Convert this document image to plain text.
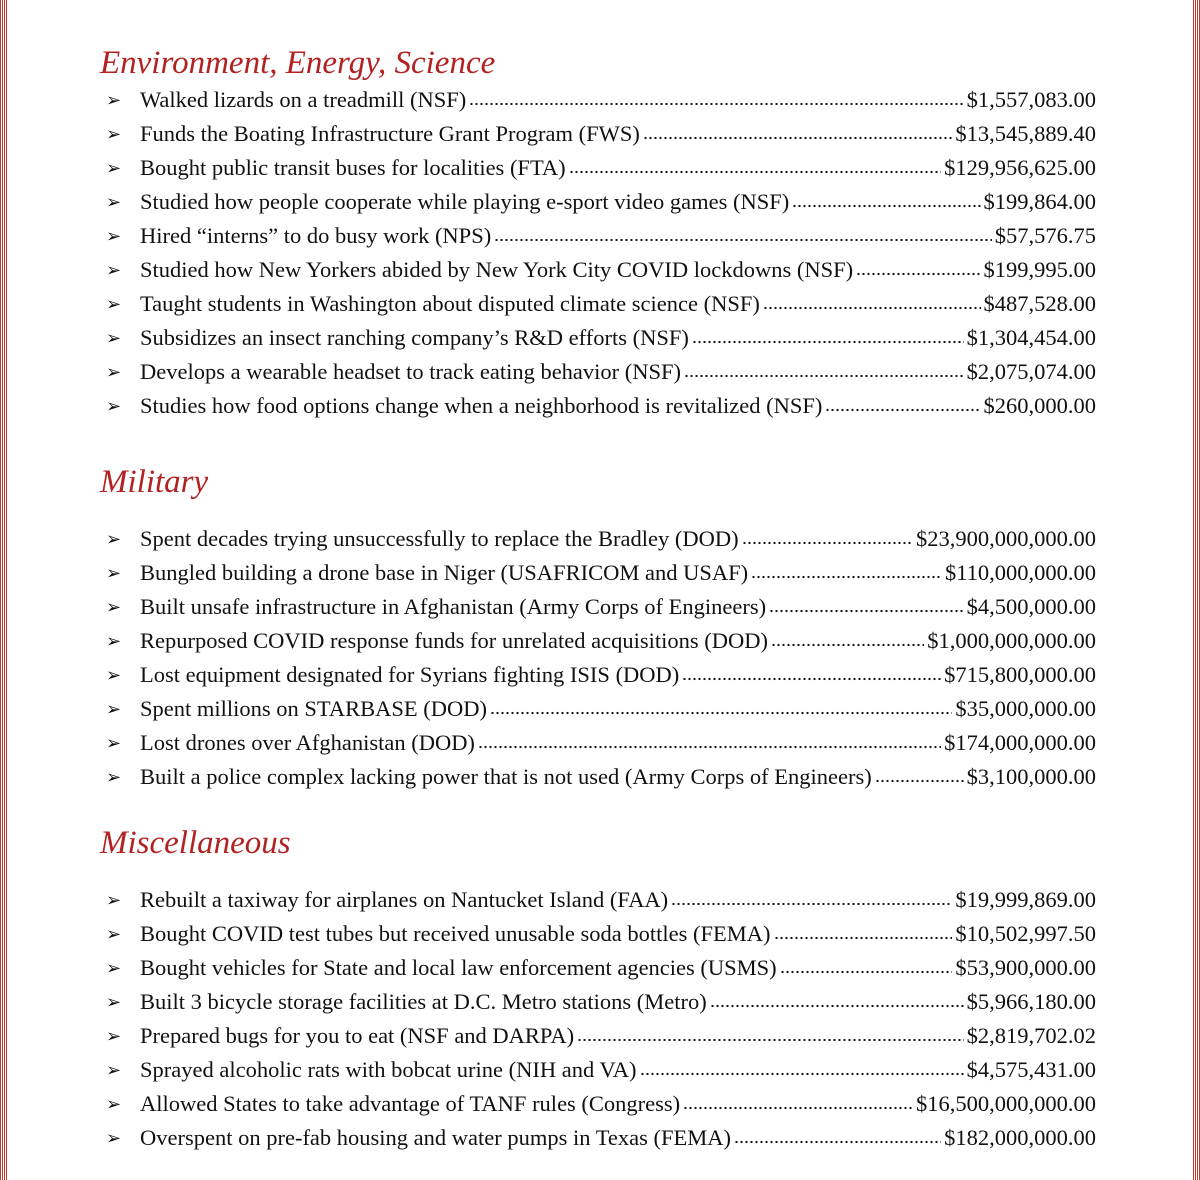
Environment, Energy, Science
➢ Walked lizards on a treadmill (NSF)	$1,557,083.00
➢ Funds the Boating Infrastructure Grant Program (FWS)	$13,545,889.40
➢ Bought public transit buses for localities (FTA)	$129,956,625.00
➢ Studied how people cooperate while playing e-sport video games (NSF)	$199,864.00
➢ Hired “interns” to do busy work (NPS)	$57,576.75
➢ Studied how New Yorkers abided by New York City COVID lockdowns (NSF)	$199,995.00
➢ Taught students in Washington about disputed climate science (NSF)	$487,528.00
➢ Subsidizes an insect ranching company’s R&D efforts (NSF)	$1,304,454.00
➢ Develops a wearable headset to track eating behavior (NSF)	$2,075,074.00
➢ Studies how food options change when a neighborhood is revitalized (NSF)	$260,000.00
Military
➢ Spent decades trying unsuccessfully to replace the Bradley (DOD)	$23,900,000,000.00
➢ Bungled building a drone base in Niger (USAFRICOM and USAF)	$110,000,000.00
➢ Built unsafe infrastructure in Afghanistan (Army Corps of Engineers)	$4,500,000.00
➢ Repurposed COVID response funds for unrelated acquisitions (DOD)	$1,000,000,000.00
➢ Lost equipment designated for Syrians fighting ISIS (DOD)	$715,800,000.00
➢ Spent millions on STARBASE (DOD)	$35,000,000.00
➢ Lost drones over Afghanistan (DOD)	$174,000,000.00
➢ Built a police complex lacking power that is not used (Army Corps of Engineers)	$3,100,000.00
Miscellaneous
➢ Rebuilt a taxiway for airplanes on Nantucket Island (FAA)	$19,999,869.00
➢ Bought COVID test tubes but received unusable soda bottles (FEMA)	$10,502,997.50
➢ Bought vehicles for State and local law enforcement agencies (USMS)	$53,900,000.00
➢ Built 3 bicycle storage facilities at D.C. Metro stations (Metro)	$5,966,180.00
➢ Prepared bugs for you to eat (NSF and DARPA)	$2,819,702.02
➢ Sprayed alcoholic rats with bobcat urine (NIH and VA)	$4,575,431.00
➢ Allowed States to take advantage of TANF rules (Congress)	$16,500,000,000.00
➢ Overspent on pre-fab housing and water pumps in Texas (FEMA)	$182,000,000.00
